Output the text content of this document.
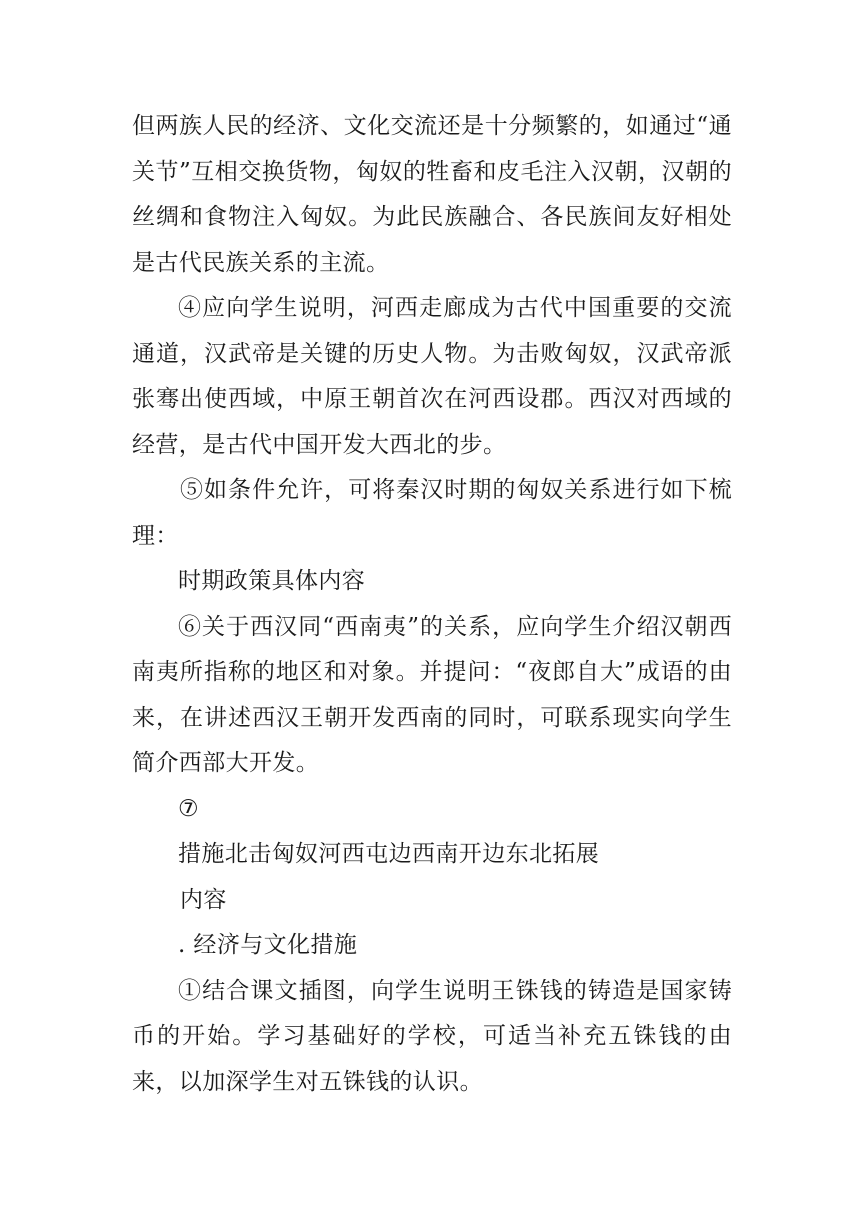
但两族人民的经济、文化交流还是十分频繁的，如通过“通关节”互相交换货物，匈奴的牲畜和皮毛注入汉朝，汉朝的丝绸和食物注入匈奴。为此民族融合、各民族间友好相处是古代民族关系的主流。

④应向学生说明，河西走廊成为古代中国重要的交流通道，汉武帝是关键的历史人物。为击败匈奴，汉武帝派张骞出使西域，中原王朝首次在河西设郡。西汉对西域的经营，是古代中国开发大西北的步。

⑤如条件允许，可将秦汉时期的匈奴关系进行如下梳理：

时期政策具体内容

⑥关于西汉同“西南夷”的关系，应向学生介绍汉朝西南夷所指称的地区和对象。并提问：“夜郎自大”成语的由来，在讲述西汉王朝开发西南的同时，可联系现实向学生简介西部大开发。

⑦

措施北击匈奴河西屯边西南开边东北拓展

内容

. 经济与文化措施

①结合课文插图，向学生说明王铢钱的铸造是国家铸币的开始。学习基础好的学校，可适当补充五铢钱的由来，以加深学生对五铢钱的认识。
